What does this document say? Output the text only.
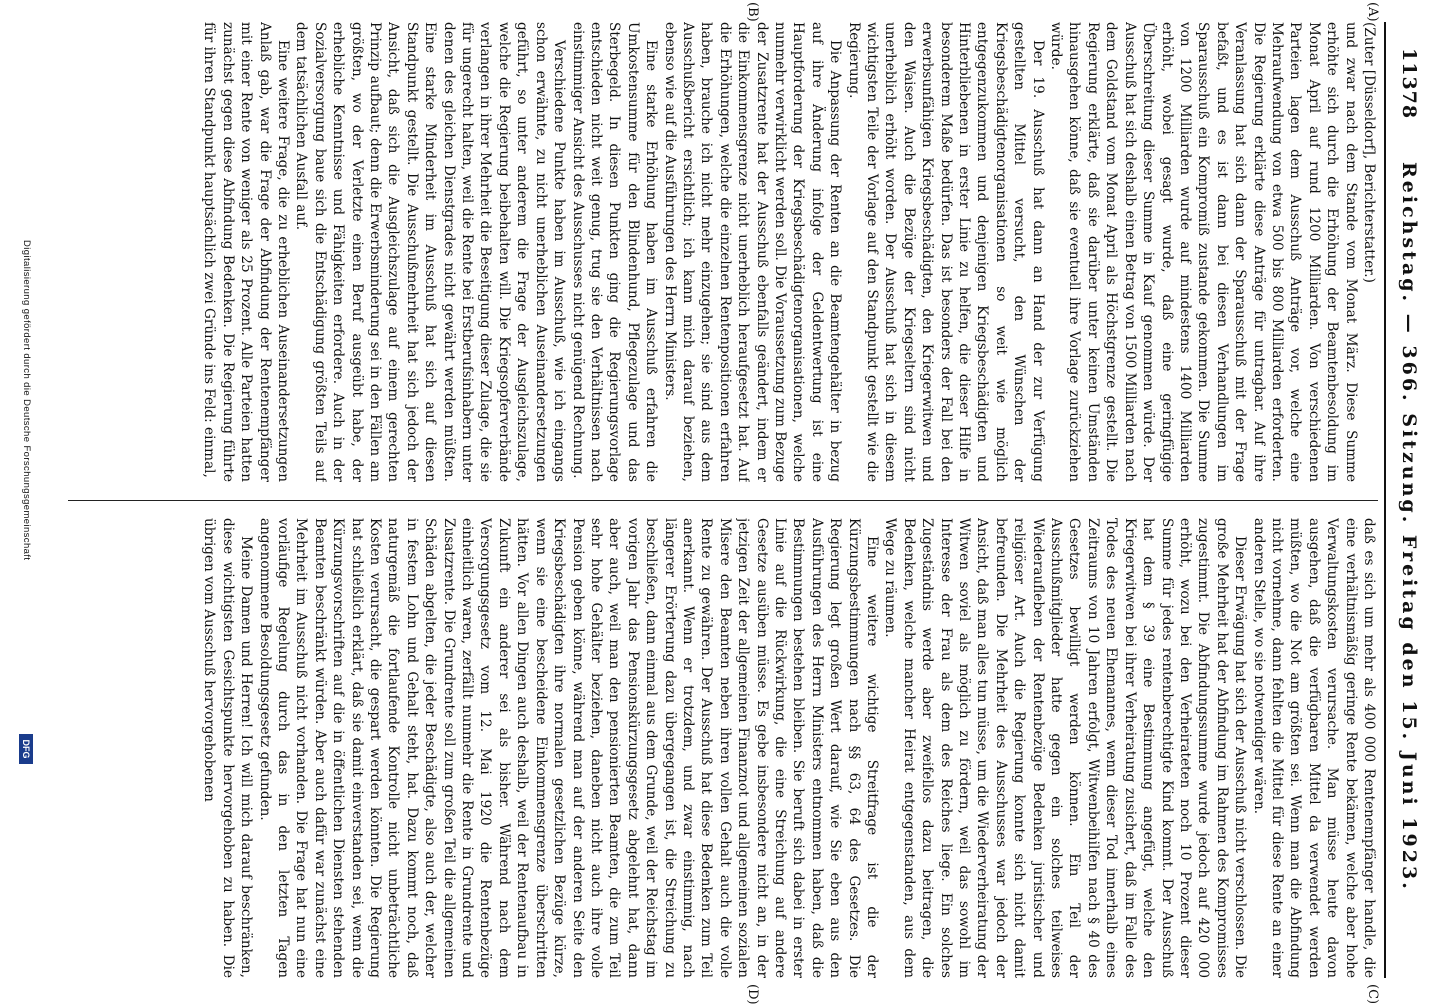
11378
Reichstag. — 366. Sitzung. Freitag den 15. Juni 1923.
(A)
(B)
(C)
(D)

(Zuter [Düsseldorf], Berichterstatter.)

und zwar nach dem Stande vom Monat März. Diese Summe erhöhte sich durch die Erhöhung der Beamtenbesoldung im Monat April auf rund 1200 Milliarden. Von verschiedenen Parteien lagen dem Ausschuß Anträge vor, welche eine Mehraufwendung von etwa 500 bis 800 Milliarden erforderten. Die Regierung erklärte diese Anträge für untragbar. Auf ihre Veranlassung hat sich dann der Sparausschuß mit der Frage befaßt, und es ist dann bei diesen Verhandlungen im Sparausschuß ein Kompromiß zustande gekommen. Die Summe von 1200 Milliarden wurde auf mindestens 1400 Milliarden erhöht, wobei gesagt wurde, daß eine geringfügige Überschreitung dieser Summe in Kauf genommen würde. Der Ausschuß hat sich deshalb einen Betrag von 1500 Milliarden nach dem Goldstand vom Monat April als Höchstgrenze gestellt. Die Regierung erklärte, daß sie darüber unter keinen Umständen hinausgehen könne, daß sie eventuell ihre Vorlage zurückziehen würde.

Der 19. Ausschuß hat dann an Hand der zur Verfügung gestellten Mittel versucht, den Wünschen der Kriegsbeschädigtenorganisationen so weit wie möglich entgegenzukommen und denjenigen Kriegsbeschädigten und Hinterbliebenen in erster Linie zu helfen, die dieser Hilfe in besonderem Maße bedürfen. Das ist besonders der Fall bei den erwerbsunfähigen Kriegsbeschädigten, den Kriegerwitwen und den Waisen. Auch die Bezüge der Kriegseltern sind nicht unerheblich erhöht worden. Der Ausschuß hat sich in diesem wichtigsten Teile der Vorlage auf den Standpunkt gestellt wie die Regierung.

Die Anpassung der Renten an die Beamtengehälter in bezug auf ihre Änderung infolge der Geldentwertung ist eine Hauptforderung der Kriegsbeschädigtenorganisationen, welche nunmehr verwirklicht werden soll. Die Voraussetzung zum Bezuge der Zusatzrente hat der Ausschuß ebenfalls geändert, indem er die Einkommensgrenze nicht unerheblich heraufgesetzt hat. Auf die Erhöhungen, welche die einzelnen Rentenpositionen erfahren haben, brauche ich nicht mehr einzugehen; sie sind aus dem Ausschußbericht ersichtlich; ich kann mich darauf beziehen, ebenso wie auf die Ausführungen des Herrn Ministers.

Eine starke Erhöhung haben im Ausschuß erfahren die Umkostensumme für den Blindenhund, Pflegezulage und das Sterbegeld. In diesen Punkten ging die Regierungsvorlage entschieden nicht weit genug, trug sie den Verhältnissen nach einstimmiger Ansicht des Ausschusses nicht genügend Rechnung.

Verschiedene Punkte haben im Ausschuß, wie ich eingangs schon erwähnte, zu nicht unerheblichen Auseinandersetzungen geführt, so unter anderem die Frage der Ausgleichszulage, welche die Regierung beibehalten will. Die Kriegsopferverbände verlangen in ihrer Mehrheit die Beseitigung dieser Zulage, die sie für ungerecht halten, weil die Rente bei Erstberufsinhabern unter denen des gleichen Dienstgrades nicht gewährt werden müßten. Eine starke Minderheit im Ausschuß hat sich auf diesen Standpunkt gestellt. Die Ausschußmehrheit hat sich jedoch der Ansicht, daß sich die Ausgleichszulage auf einem gerechten Prinzip aufbaut; denn die Erwerbsminderung sei in den Fällen am größten, wo der Verletzte einen Beruf ausgeübt habe, der erhebliche Kenntnisse und Fähigkeiten erfordere. Auch in der Sozialversorgung baue sich die Entschädigung größten Teils auf dem tatsächlichen Ausfall auf.

Eine weitere Frage, die zu erheblichen Auseinandersetzungen Anlaß gab, war die Frage der Abfindung der Rentenempfänger mit einer Rente von weniger als 25 Prozent. Alle Parteien hatten zunächst gegen diese Abfindung Bedenken. Die Regierung führte für ihren Standpunkt hauptsächlich zwei Gründe ins Feld: einmal,

daß es sich um mehr als 400 000 Rentenempfänger handle, die eine verhältnismäßig geringe Rente bekämen, welche aber hohe Verwaltungskosten verursache. Man müsse heute davon ausgehen, daß die verfügbaren Mittel da verwendet werden müßten, wo die Not am größten sei. Wenn man die Abfindung nicht vornehme, dann fehlten die Mittel für diese Rente an einer anderen Stelle, wo sie notwendiger wären.

Dieser Erwägung hat sich der Ausschuß nicht verschlossen. Die große Mehrheit hat der Abfindung im Rahmen des Kompromisses zugestimmt. Die Abfindungssumme wurde jedoch auf 420 000 erhöht, wozu bei den Verheirateten noch 10 Prozent dieser Summe für jedes rentenberechtigte Kind kommt. Der Ausschuß hat dem § 39 eine Bestimmung angefügt, welche den Kriegerwitwen bei ihrer Verheiratung zusichert, daß im Falle des Todes des neuen Ehemannes, wenn dieser Tod innerhalb eines Zeitraums von 10 Jahren erfolgt, Witwenbeihilfen nach § 40 des Gesetzes bewilligt werden können. Ein Teil der Ausschußmitglieder hatte gegen ein solches teilweises Wiederaufleben der Rentenbezüge Bedenken juristischer und religiöser Art. Auch die Regierung konnte sich nicht damit befreunden. Die Mehrheit des Ausschusses war jedoch der Ansicht, daß man alles tun müsse, um die Wiederverheiratung der Witwen soviel als möglich zu fördern, weil das sowohl im Interesse der Frau als dem des Reiches liege. Ein solches Zugeständnis werde aber zweifellos dazu beitragen, die Bedenken, welche mancher Heirat entgegenstanden, aus dem Wege zu räumen.

Eine weitere wichtige Streitfrage ist die der Kürzungsbestimmungen nach §§ 63, 64 des Gesetzes. Die Regierung legt großen Wert darauf, wie Sie eben aus den Ausführungen des Herrn Ministers entnommen haben, daß die Bestimmungen bestehen bleiben. Sie beruft sich dabei in erster Linie auf die Rückwirkung, die eine Streichung auf andere Gesetze ausüben müsse. Es gebe insbesondere nicht an, in der jetzigen Zeit der allgemeinen Finanznot und allgemeinen sozialen Misere den Beamten neben ihren vollen Gehalt auch die volle Rente zu gewähren. Der Ausschuß hat diese Bedenken zum Teil anerkannt. Wenn er trotzdem, und zwar einstimmig, nach längerer Erörterung dazu übergegangen ist, die Streichung zu beschließen, dann einmal aus dem Grunde, weil der Reichstag im vorigen Jahr das Pensionskürzungsgesetz abgelehnt hat, dann aber auch, weil man den pensionierten Beamten, die zum Teil sehr hohe Gehälter beziehen, daneben nicht auch ihre volle Pension geben könne, während man auf der anderen Seite den Kriegsbeschädigten ihre normalen gesetzlichen Bezüge kürze, wenn sie eine bescheidene Einkommensgrenze überschritten hätten. Vor allen Dingen auch deshalb, weil der Rentenaufbau in Zukunft ein anderer sei als bisher. Während nach dem Versorgungsgesetz vom 12. Mai 1920 die Rentenbezüge einheitlich waren, zerfällt nunmehr die Rente in Grundrente und Zusatzrente. Die Grundrente soll zum großen Teil die allgemeinen Schäden abgelten, die jeder Beschädigte, also auch der, welcher in festem Lohn und Gehalt steht, hat. Dazu kommt noch, daß naturgemäß die fortlaufende Kontrolle nicht unbeträchtliche Kosten verursacht, die gespart werden könnten. Die Regierung hat schließlich erklärt, daß sie damit einverstanden sei, wenn die Kürzungsvorschriften auf die in öffentlichen Diensten stehenden Beamten beschränkt würden. Aber auch dafür war zunächst eine Mehrheit im Ausschuß nicht vorhanden. Die Frage hat nun eine vorläufige Regelung durch das in den letzten Tagen angenommene Besoldungsgesetz gefunden.

Meine Damen und Herren! Ich will mich darauf beschränken, diese wichtigsten Gesichtspunkte hervorgehoben zu haben. Die übrigen vom Ausschuß hervorgehobenen

Digitalisierung gefördert durch die Deutsche Forschungsgemeinschaft
DFG
